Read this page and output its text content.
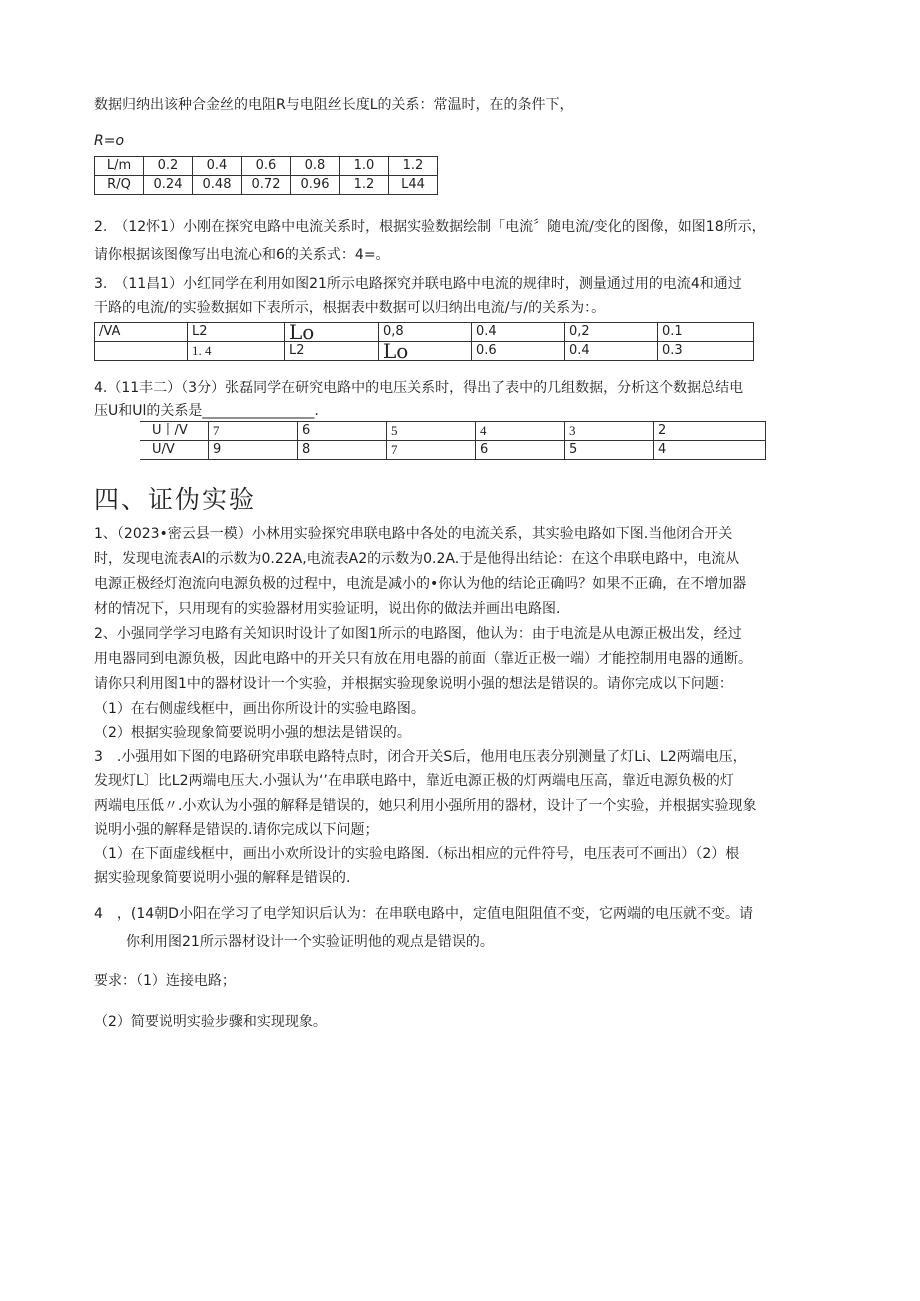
数据归纳出该种合金丝的电阻R与电阻丝长度L的关系：常温时，在的条件下，
R=o
L/m	0.2	0.4	0.6	0.8	1.0	1.2
R/Q	0.24	0.48	0.72	0.96	1.2	L44
2.　（12怀1）小刚在探究电路中电流关系时，根据实验数据绘制「电流〞随电流/变化的图像，如图18所示，
请你根据该图像写出电流心和6的关系式：4=。
3.　（11昌1）小红同学在利用如图21所示电路探究并联电路中电流的规律时，测量通过用的电流4和通过
干路的电流/的实验数据如下表所示，根据表中数据可以归纳出电流/与/的关系为：。
/VA	L2	Lo	0,8	0.4	0,2	0.1
	1. 4	L2	Lo	0.6	0.4	0.3
4.（11丰二）（3分）张磊同学在研究电路中的电压关系时，得出了表中的几组数据，分析这个数据总结电
压U和Ul的关系是________________.
U丨/V	7	6	5	4	3	2
U/V	9	8	7	6	5	4
四、证伪实验
1、（2023•密云县一模）小林用实验探究串联电路中各处的电流关系，其实验电路如下图.当他闭合开关
时，发现电流表Al的示数为0.22A,电流表A2的示数为0.2A.于是他得出结论：在这个串联电路中，电流从
电源正极经灯泡流向电源负极的过程中，电流是减小的•你认为他的结论正确吗？如果不正确，在不增加器
材的情况下，只用现有的实验器材用实验证明，说出你的做法并画出电路图.
2、小强同学学习电路有关知识时设计了如图1所示的电路图，他认为：由于电流是从电源正极出发，经过
用电器同到电源负极，因此电路中的开关只有放在用电器的前面（靠近正极一端）才能控制用电器的通断。
请你只利用图1中的器材设计一个实验，并根据实验现象说明小强的想法是错误的。请你完成以下问题：
（1）在右侧虚线框中，画出你所设计的实验电路图。
（2）根据实验现象简要说明小强的想法是错误的。
3　.小强用如下图的电路研究串联电路特点时，闭合开关S后，他用电压表分别测量了灯Li、L2两端电压，
发现灯L〕比L2两端电压大.小强认为‘’在串联电路中，靠近电源正极的灯两端电压高，靠近电源负极的灯
两端电压低〃.小欢认为小强的解释是错误的，她只利用小强所用的器材，设计了一个实验，并根据实验现象
说明小强的解释是错误的.请你完成以下问题；
（1）在下面虚线框中，画出小欢所设计的实验电路图.（标出相应的元件符号，电压表可不画出）（2）根
据实验现象简要说明小强的解释是错误的.
4　，(14朝D小阳在学习了电学知识后认为：在串联电路中，定值电阻阻值不变，它两端的电压就不变。请
你利用图21所示器材设计一个实验证明他的观点是错误的。
要求：（1）连接电路；
（2）简要说明实验步骤和实现现象。
